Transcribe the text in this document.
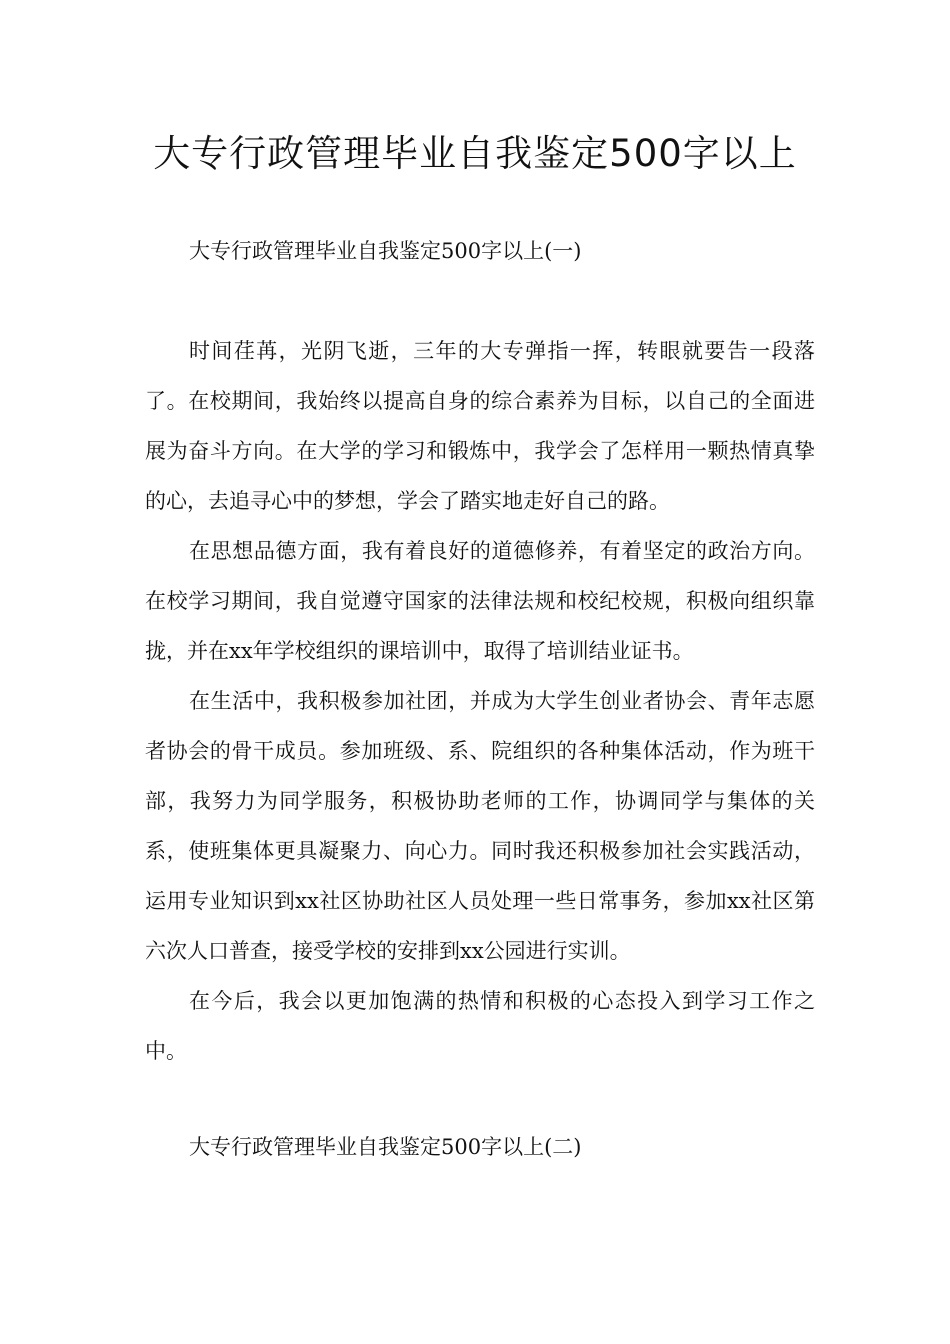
大专行政管理毕业自我鉴定500字以上
大专行政管理毕业自我鉴定500字以上(一)

时间荏苒，光阴飞逝，三年的大专弹指一挥，转眼就要告一段落了。在校期间，我始终以提高自身的综合素养为目标，以自己的全面进展为奋斗方向。在大学的学习和锻炼中，我学会了怎样用一颗热情真挚的心，去追寻心中的梦想，学会了踏实地走好自己的路。

在思想品德方面，我有着良好的道德修养，有着坚定的政治方向。在校学习期间，我自觉遵守国家的法律法规和校纪校规，积极向组织靠拢，并在xx年学校组织的课培训中，取得了培训结业证书。

在生活中，我积极参加社团，并成为大学生创业者协会、青年志愿者协会的骨干成员。参加班级、系、院组织的各种集体活动，作为班干部，我努力为同学服务，积极协助老师的工作，协调同学与集体的关系，使班集体更具凝聚力、向心力。同时我还积极参加社会实践活动，运用专业知识到xx社区协助社区人员处理一些日常事务，参加xx社区第六次人口普查，接受学校的安排到xx公园进行实训。

在今后，我会以更加饱满的热情和积极的心态投入到学习工作之中。

大专行政管理毕业自我鉴定500字以上(二)
